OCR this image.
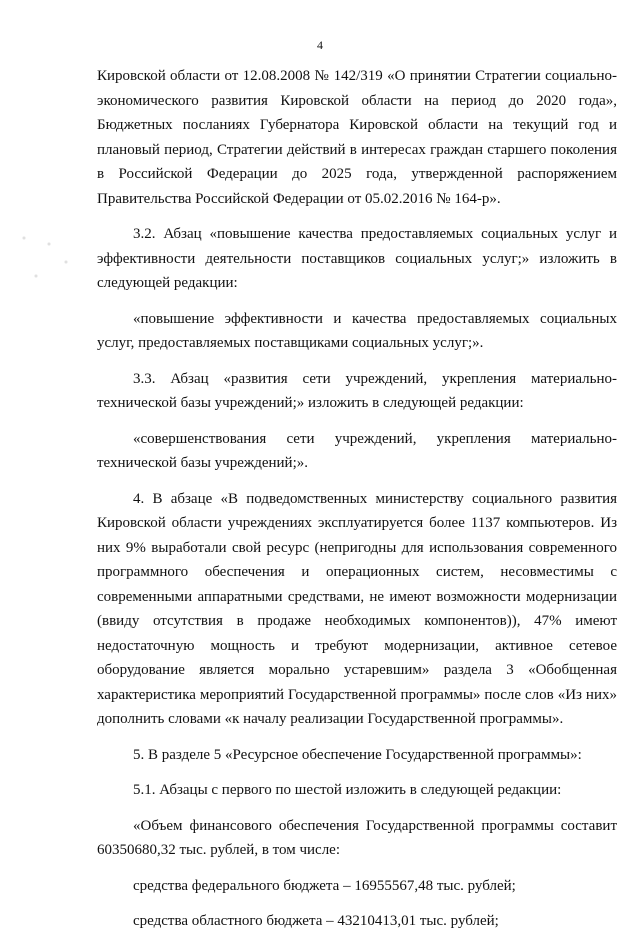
4

Кировской области от 12.08.2008 № 142/319 «О принятии Стратегии социально-экономического развития Кировской области на период до 2020 года», Бюджетных посланиях Губернатора Кировской области на текущий год и плановый период, Стратегии действий в интересах граждан старшего поколения в Российской Федерации до 2025 года, утвержденной распоряжением Правительства Российской Федерации от 05.02.2016 № 164-р».

3.2. Абзац «повышение качества предоставляемых социальных услуг и эффективности деятельности поставщиков социальных услуг;» изложить в следующей редакции:

«повышение эффективности и качества предоставляемых социальных услуг, предоставляемых поставщиками социальных услуг;».

3.3. Абзац «развития сети учреждений, укрепления материально-технической базы учреждений;» изложить в следующей редакции:

«совершенствования сети учреждений, укрепления материально-технической базы учреждений;».

4. В абзаце «В подведомственных министерству социального развития Кировской области учреждениях эксплуатируется более 1137 компьютеров. Из них 9% выработали свой ресурс (непригодны для использования современного программного обеспечения и операционных систем, несовместимы с современными аппаратными средствами, не имеют возможности модернизации (ввиду отсутствия в продаже необходимых компонентов)), 47% имеют недостаточную мощность и требуют модернизации, активное сетевое оборудование является морально устаревшим» раздела 3 «Обобщенная характеристика мероприятий Государственной программы» после слов «Из них» дополнить словами «к началу реализации Государственной программы».

5. В разделе 5 «Ресурсное обеспечение Государственной программы»:

5.1. Абзацы с первого по шестой изложить в следующей редакции:

«Объем финансового обеспечения Государственной программы составит 60350680,32 тыс. рублей, в том числе:

средства федерального бюджета – 16955567,48 тыс. рублей;

средства областного бюджета – 43210413,01 тыс. рублей;
